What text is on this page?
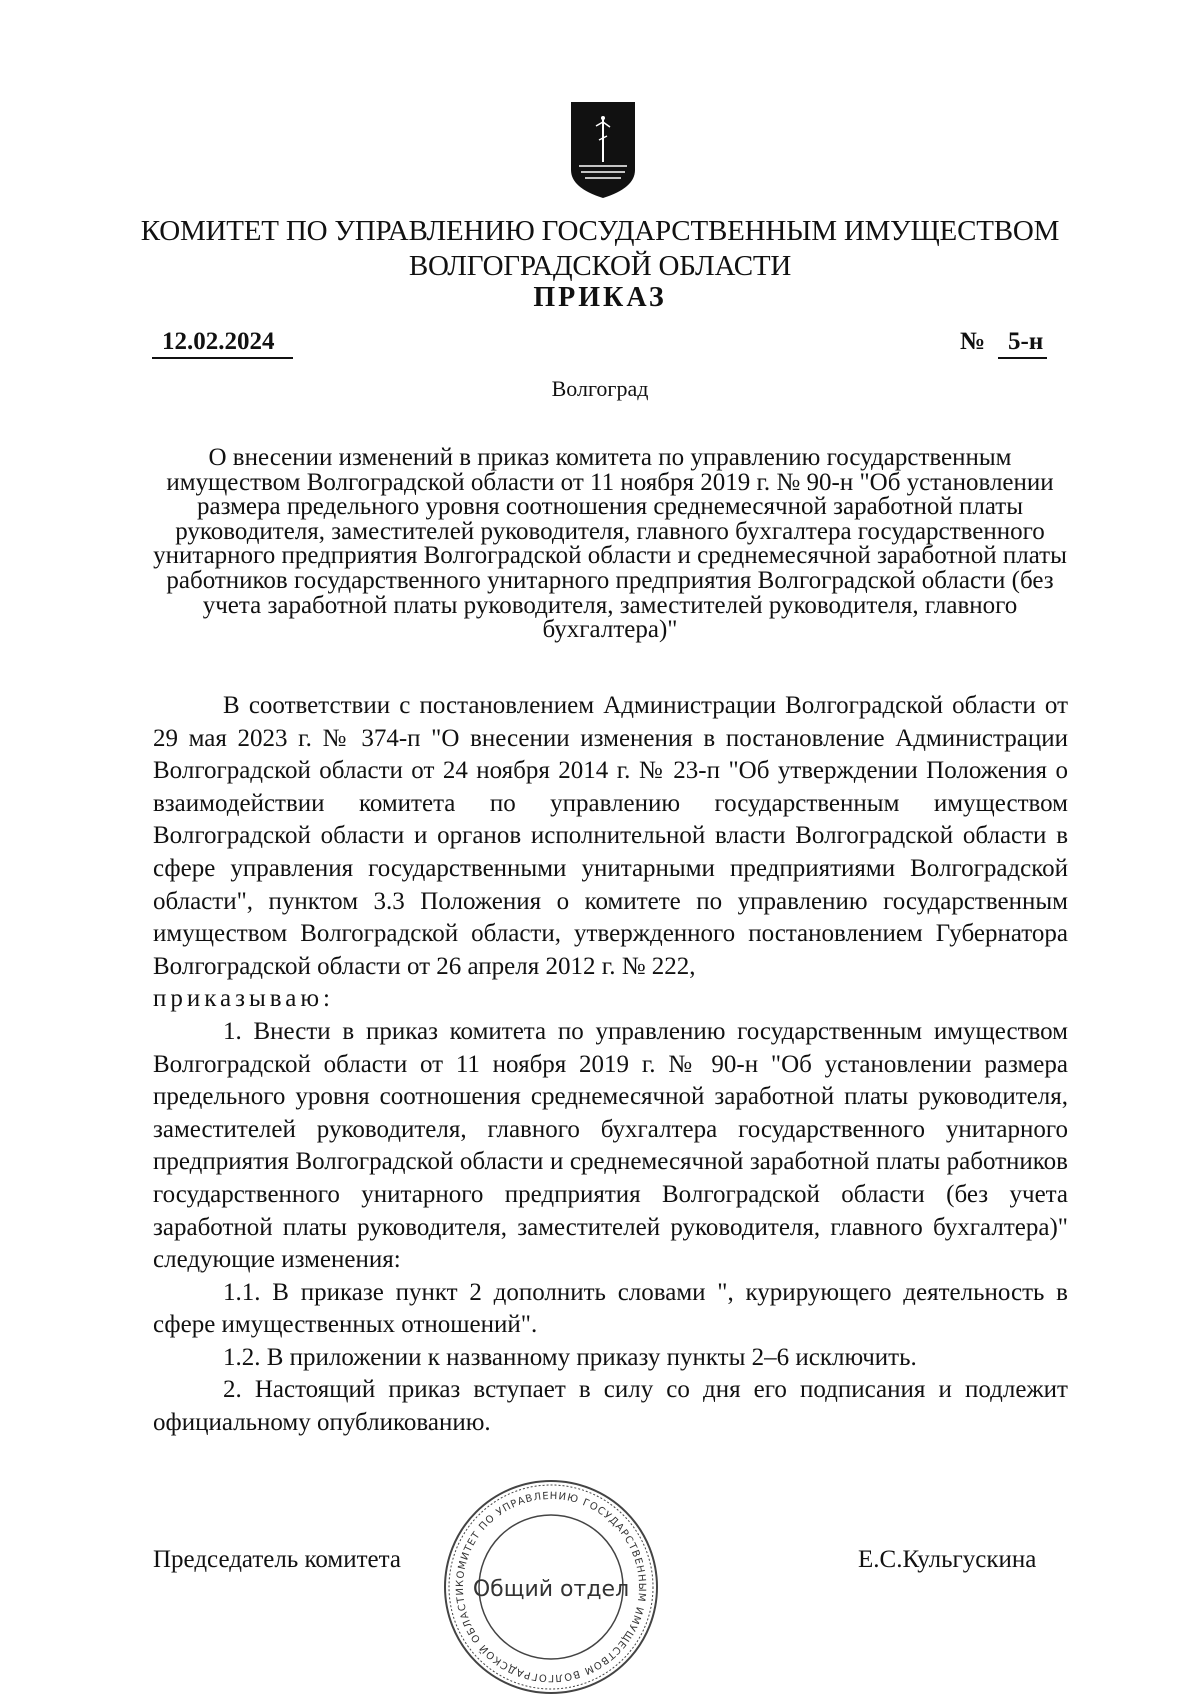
КОМИТЕТ ПО УПРАВЛЕНИЮ ГОСУДАРСТВЕННЫМ ИМУЩЕСТВОМ
ВОЛГОГРАДСКОЙ ОБЛАСТИ
ПРИКАЗ
12.02.2024	№ 5-н
Волгоград
О внесении изменений в приказ комитета по управлению государственным имуществом Волгоградской области от 11 ноября 2019 г. № 90-н "Об установлении размера предельного уровня соотношения среднемесячной заработной платы руководителя, заместителей руководителя, главного бухгалтера государственного унитарного предприятия Волгоградской области и среднемесячной заработной платы работников государственного унитарного предприятия Волгоградской области (без учета заработной платы руководителя, заместителей руководителя, главного бухгалтера)"

В соответствии с постановлением Администрации Волгоградской области от 29 мая 2023 г. № 374-п "О внесении изменения в постановление Администрации Волгоградской области от 24 ноября 2014 г. № 23-п "Об утверждении Положения о взаимодействии комитета по управлению государственным имуществом Волгоградской области и органов исполнительной власти Волгоградской области в сфере управления государственными унитарными предприятиями Волгоградской области", пунктом 3.3 Положения о комитете по управлению государственным имуществом Волгоградской области, утвержденного постановлением Губернатора Волгоградской области от 26 апреля 2012 г. № 222,

приказываю:

1. Внести в приказ комитета по управлению государственным имуществом Волгоградской области от 11 ноября 2019 г. № 90-н "Об установлении размера предельного уровня соотношения среднемесячной заработной платы руководителя, заместителей руководителя, главного бухгалтера государственного унитарного предприятия Волгоградской области и среднемесячной заработной платы работников государственного унитарного предприятия Волгоградской области (без учета заработной платы руководителя, заместителей руководителя, главного бухгалтера)" следующие изменения:

1.1. В приказе пункт 2 дополнить словами ", курирующего деятельность в сфере имущественных отношений".

1.2. В приложении к названному приказу пункты 2–6 исключить.

2. Настоящий приказ вступает в силу со дня его подписания и подлежит официальному опубликованию.

Председатель комитета	Е.С.Кульгускина
КОМИТЕТ ПО УПРАВЛЕНИЮ ГОСУДАРСТВЕННЫМ ИМУЩЕСТВОМ ВОЛГОГРАДСКОЙ ОБЛАСТИ Общий отдел
